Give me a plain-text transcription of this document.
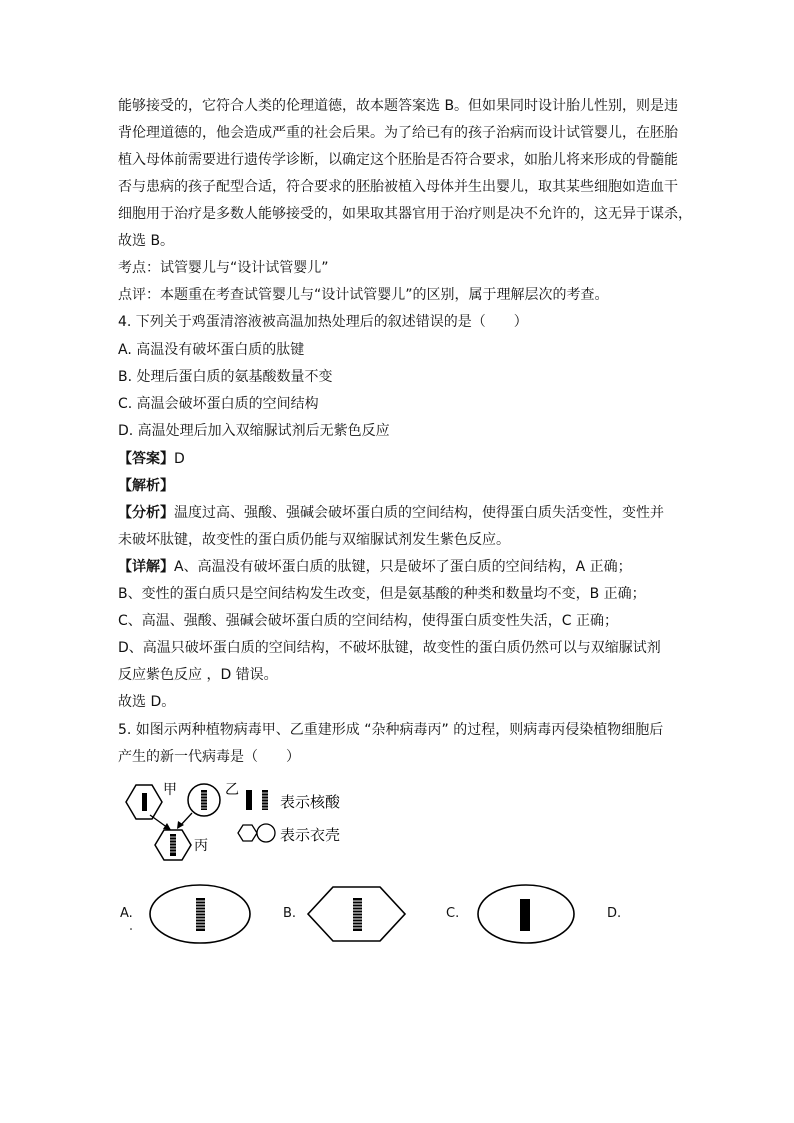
能够接受的，它符合人类的伦理道德，故本题答案选 B。但如果同时设计胎儿性别，则是违
背伦理道德的，他会造成严重的社会后果。为了给已有的孩子治病而设计试管婴儿，在胚胎
植入母体前需要进行遗传学诊断，以确定这个胚胎是否符合要求，如胎儿将来形成的骨髓能
否与患病的孩子配型合适，符合要求的胚胎被植入母体并生出婴儿，取其某些细胞如造血干
细胞用于治疗是多数人能够接受的，如果取其器官用于治疗则是决不允许的，这无异于谋杀，
故选 B。
考点：试管婴儿与“设计试管婴儿”
点评：本题重在考查试管婴儿与“设计试管婴儿”的区别，属于理解层次的考查。
4. 下列关于鸡蛋清溶液被高温加热处理后的叙述错误的是（　　）
A. 高温没有破坏蛋白质的肽键
B. 处理后蛋白质的氨基酸数量不变
C. 高温会破坏蛋白质的空间结构
D. 高温处理后加入双缩脲试剂后无紫色反应
【答案】D
【解析】
【分析】温度过高、强酸、强碱会破坏蛋白质的空间结构，使得蛋白质失活变性，变性并
未破坏肽键，故变性的蛋白质仍能与双缩脲试剂发生紫色反应。
【详解】A、高温没有破坏蛋白质的肽键，只是破坏了蛋白质的空间结构，A 正确；
B、变性的蛋白质只是空间结构发生改变，但是氨基酸的种类和数量均不变，B 正确；
C、高温、强酸、强碱会破坏蛋白质的空间结构，使得蛋白质变性失活，C 正确；
D、高温只破坏蛋白质的空间结构，不破坏肽键，故变性的蛋白质仍然可以与双缩脲试剂
反应紫色反应 ，D 错误。
故选 D。
5. 如图示两种植物病毒甲、乙重建形成 “杂种病毒丙” 的过程，则病毒丙侵染植物细胞后
产生的新一代病毒是（　　）
甲	乙
丙
表示核酸
表示衣壳
A.	B.	C.	D.
